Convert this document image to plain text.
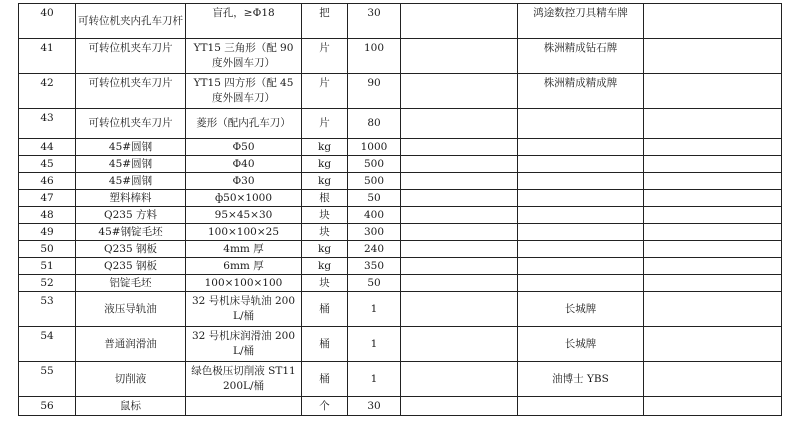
40	可转位机夹内孔车刀杆	盲孔，≥Ф18	把	30		鸿途数控刀具精车牌	
41	可转位机夹车刀片	YT15 三角形（配 90 度外圆车刀）	片	100		株洲精成钻石牌	
42	可转位机夹车刀片	YT15 四方形（配 45 度外圆车刀）	片	90		株洲精成精成牌	
43	可转位机夹车刀片	菱形（配内孔车刀）	片	80			
44	45#圆钢	Ф50	kg	1000			
45	45#圆钢	Ф40	kg	500			
46	45#圆钢	Ф30	kg	500			
47	塑料棒料	ф50×1000	根	50			
48	Q235 方料	95×45×30	块	400			
49	45#钢锭毛坯	100×100×25	块	300			
50	Q235 钢板	4mm 厚	kg	240			
51	Q235 钢板	6mm 厚	kg	350			
52	铝锭毛坯	100×100×100	块	50			
53	液压导轨油	32 号机床导轨油 200L/桶	桶	1		长城牌	
54	普通润滑油	32 号机床润滑油 200L/桶	桶	1		长城牌	
55	切削液	绿色极压切削液 ST11 200L/桶	桶	1		油博士 YBS	
56	鼠标		个	30			
